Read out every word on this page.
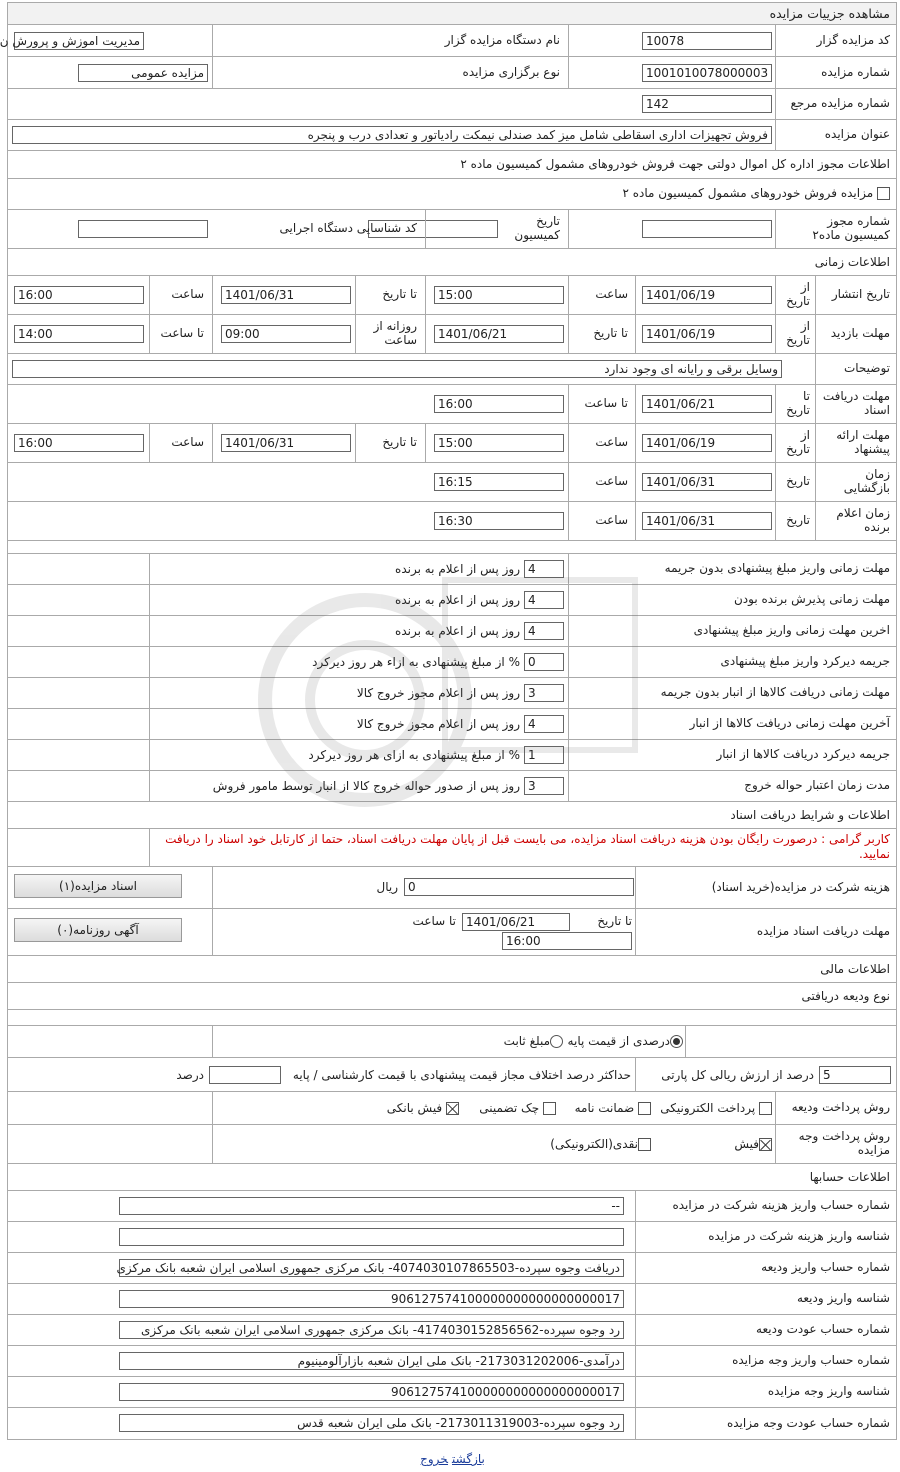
مشاهده جزییات مزایده
کد مزایده گزار
10078
نام دستگاه مزایده گزار
مدیریت اموزش و پرورش ن
شماره مزایده
1001010078000003
نوع برگزاری مزایده
مزایده عمومی
شماره مزایده مرجع
142
عنوان مزایده
فروش تجهیزات اداری اسقاطی شامل میز کمد صندلی نیمکت رادیاتور و تعدادی درب و پنجره
اطلاعات مجوز اداره کل اموال دولتی جهت فروش خودروهای مشمول کمیسیون ماده ۲
مزایده فروش خودروهای مشمول کمیسیون ماده ۲
شماره مجوز کمیسیون ماده۲
تاریخ کمیسیون
کد شناسایی دستگاه اجرایی
اطلاعات زمانی
تاریخ انتشار
از تاریخ
1401/06/19
ساعت
15:00
تا تاریخ
1401/06/31
ساعت
16:00
مهلت بازدید
از تاریخ
1401/06/19
تا تاریخ
1401/06/21
روزانه از ساعت
09:00
تا ساعت
14:00
توضیحات
وسایل برقی و رایانه ای وجود ندارد
مهلت دریافت اسناد
تا تاریخ
1401/06/21
تا ساعت
16:00
مهلت ارائه پیشنهاد
از تاریخ
1401/06/19
ساعت
15:00
تا تاریخ
1401/06/31
ساعت
16:00
زمان بازگشایی
تاریخ
1401/06/31
ساعت
16:15
زمان اعلام برنده
تاریخ
1401/06/31
ساعت
16:30
مهلت زمانی واریز مبلغ پیشنهادی بدون جریمه
4
روز پس از اعلام به برنده
مهلت زمانی پذیرش برنده بودن
4
روز پس از اعلام به برنده
اخرین مهلت زمانی واریز مبلغ پیشنهادی
4
روز پس از اعلام به برنده
جریمه دیرکرد واریز مبلغ پیشنهادی
0
% از مبلغ پیشنهادی به ازاء هر روز دیرکرد
مهلت زمانی دریافت کالاها از انبار بدون جریمه
3
روز پس از اعلام مجوز خروج کالا
آخرین مهلت زمانی دریافت کالاها از انبار
4
روز پس از اعلام مجوز خروج کالا
جریمه دیرکرد دریافت کالاها از انبار
1
% از مبلغ پیشنهادی به ازای هر روز دیرکرد
مدت زمان اعتبار حواله خروج
3
روز پس از صدور حواله خروج کالا از انبار توسط مامور فروش
اطلاعات و شرایط دریافت اسناد
کاربر گرامی : درصورت رایگان بودن هزینه دریافت اسناد مزایده، می بایست قبل از پایان مهلت دریافت اسناد، حتما از کارتابل خود اسناد را دریافت نمایید.
هزینه شرکت در مزایده(خرید اسناد)
0
ریال
اسناد مزایده(۱)
مهلت دریافت اسناد مزایده
تا تاریخ
1401/06/21
تا ساعت
16:00
آگهی روزنامه(۰)
اطلاعات مالی
نوع ودیعه دریافتی
درصدی از قیمت پایه
مبلغ ثابت
5
درصد از ارزش ریالی کل پارتی
حداکثر درصد اختلاف مجاز قیمت پیشنهادی با قیمت کارشناسی / پایه
درصد
روش پرداخت ودیعه
پرداخت الکترونیکی
ضمانت نامه
چک تضمینی
فیش بانکی
روش پرداخت وجه مزایده
فیش
نقدی(الکترونیکی)
اطلاعات حسابها
شماره حساب واریز هزینه شرکت در مزایده
--
شناسه واریز هزینه شرکت در مزایده
شماره حساب واریز ودیعه
دریافت وجوه سپرده-4074030107865503- بانک مرکزی جمهوری اسلامی ایران شعبه بانک مرکزی
شناسه واریز ودیعه
906127574100000000000000000017
شماره حساب عودت ودیعه
رد وجوه سپرده-4174030152856562- بانک مرکزی جمهوری اسلامی ایران شعبه بانک مرکزی
شماره حساب واریز وجه مزایده
درآمدی-2173031202006- بانک ملی ایران شعبه بازارآلومینیوم
شناسه واریز وجه مزایده
906127574100000000000000000017
شماره حساب عودت وجه مزایده
رد وجوه سپرده-2173011319003- بانک ملی ایران شعبه قدس
بازگشتخروج
